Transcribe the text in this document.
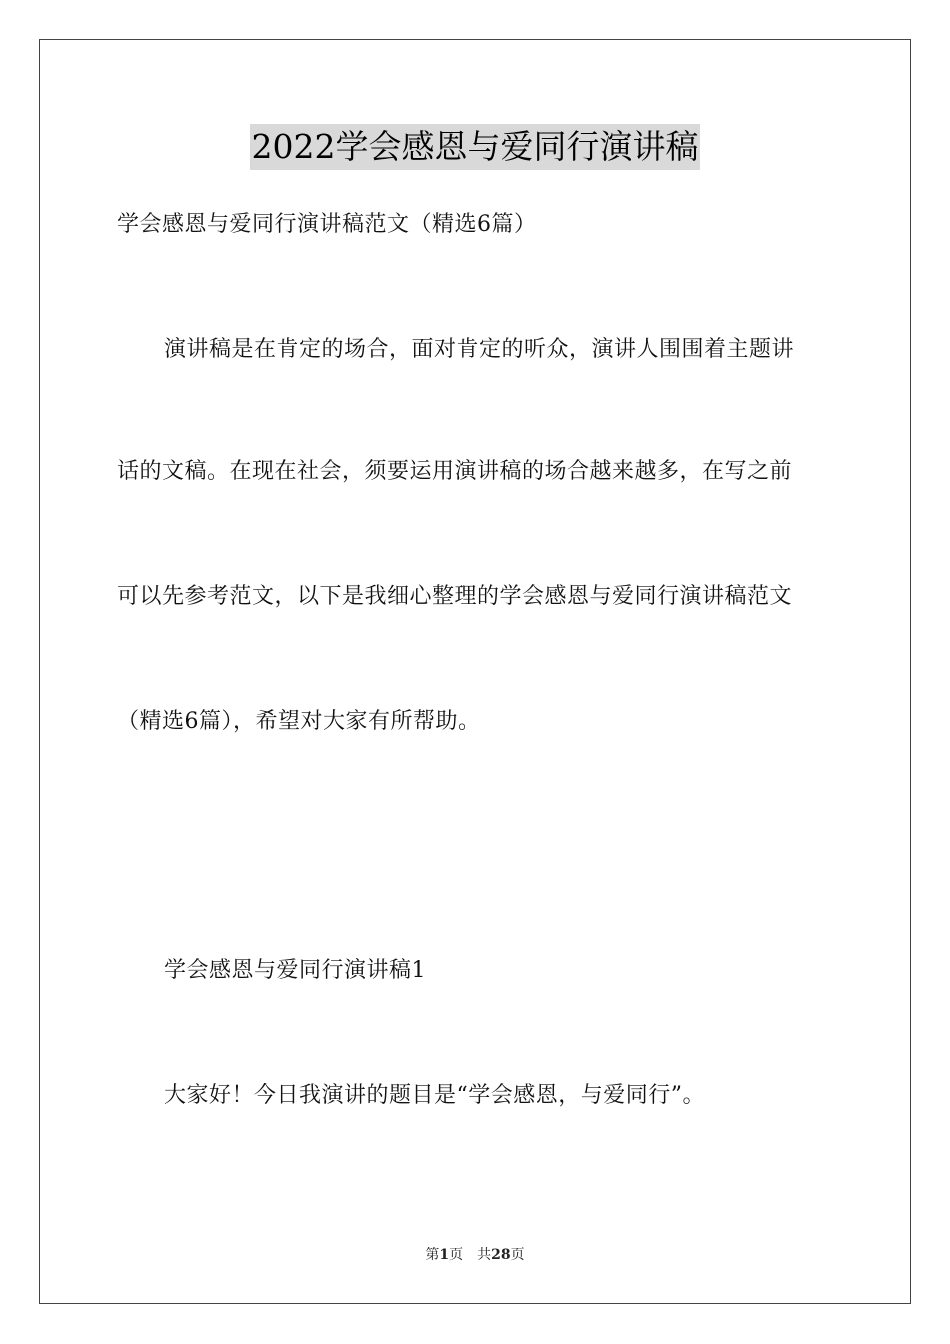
2022学会感恩与爱同行演讲稿
学会感恩与爱同行演讲稿范文（精选6篇）
演讲稿是在肯定的场合，面对肯定的听众，演讲人围围着主题讲
话的文稿。在现在社会，须要运用演讲稿的场合越来越多，在写之前
可以先参考范文，以下是我细心整理的学会感恩与爱同行演讲稿范文
（精选6篇），希望对大家有所帮助。
学会感恩与爱同行演讲稿1
大家好！今日我演讲的题目是“学会感恩，与爱同行”。
第1页　共28页
